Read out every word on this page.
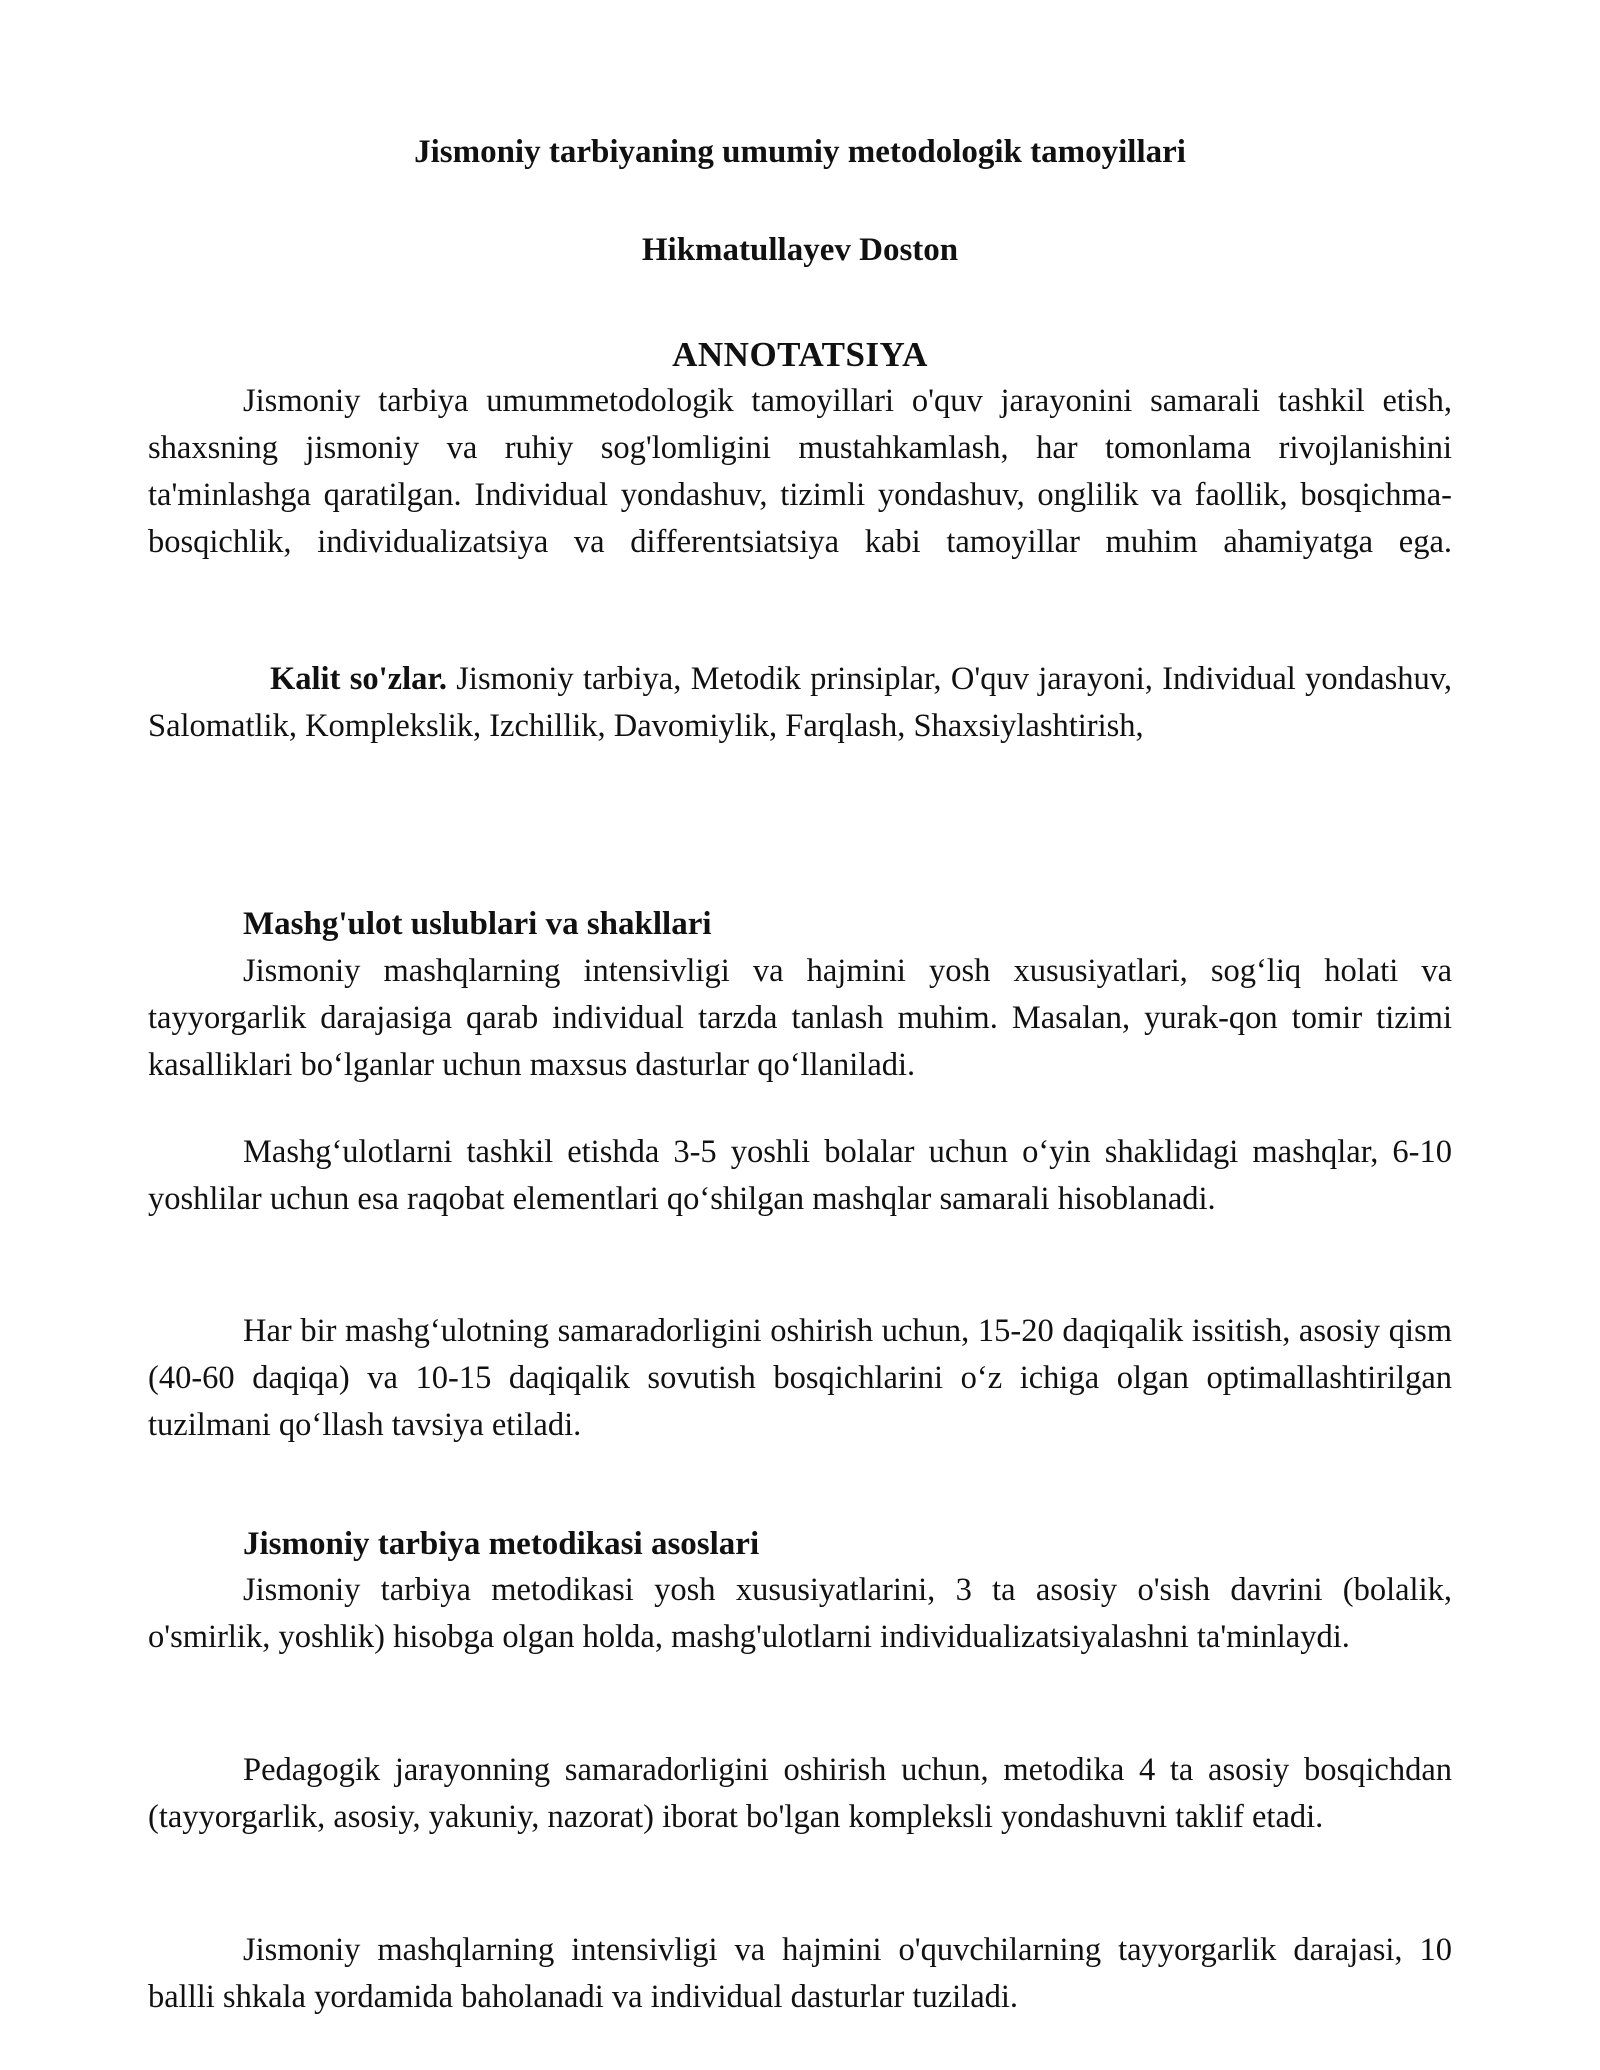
Jismoniy tarbiyaning umumiy metodologik tamoyillari
Hikmatullayev Doston
ANNOTATSIYA
Jismoniy tarbiya umummetodologik tamoyillari o'quv jarayonini samarali tashkil etish, shaxsning jismoniy va ruhiy sog'lomligini mustahkamlash, har tomonlama rivojlanishini ta'minlashga qaratilgan. Individual yondashuv, tizimli yondashuv, onglilik va faollik, bosqichma-bosqichlik, individualizatsiya va differentsiatsiya kabi tamoyillar muhim ahamiyatga ega.
Kalit so'zlar. Jismoniy tarbiya, Metodik prinsiplar, O'quv jarayoni, Individual yondashuv, Salomatlik, Komplekslik, Izchillik, Davomiylik, Farqlash, Shaxsiylashtirish,
Mashg'ulot uslublari va shakllari
Jismoniy mashqlarning intensivligi va hajmini yosh xususiyatlari, sog‘liq holati va tayyorgarlik darajasiga qarab individual tarzda tanlash muhim. Masalan, yurak-qon tomir tizimi kasalliklari bo‘lganlar uchun maxsus dasturlar qo‘llaniladi.
Mashg‘ulotlarni tashkil etishda 3-5 yoshli bolalar uchun o‘yin shaklidagi mashqlar, 6-10 yoshlilar uchun esa raqobat elementlari qo‘shilgan mashqlar samarali hisoblanadi.
Har bir mashg‘ulotning samaradorligini oshirish uchun, 15-20 daqiqalik issitish, asosiy qism (40-60 daqiqa) va 10-15 daqiqalik sovutish bosqichlarini o‘z ichiga olgan optimallashtirilgan tuzilmani qo‘llash tavsiya etiladi.
Jismoniy tarbiya metodikasi asoslari
Jismoniy tarbiya metodikasi yosh xususiyatlarini, 3 ta asosiy o'sish davrini (bolalik, o'smirlik, yoshlik) hisobga olgan holda, mashg'ulotlarni individualizatsiyalashni ta'minlaydi.
Pedagogik jarayonning samaradorligini oshirish uchun, metodika 4 ta asosiy bosqichdan (tayyorgarlik, asosiy, yakuniy, nazorat) iborat bo'lgan kompleksli yondashuvni taklif etadi.
Jismoniy mashqlarning intensivligi va hajmini o'quvchilarning tayyorgarlik darajasi, 10 ballli shkala yordamida baholanadi va individual dasturlar tuziladi.
